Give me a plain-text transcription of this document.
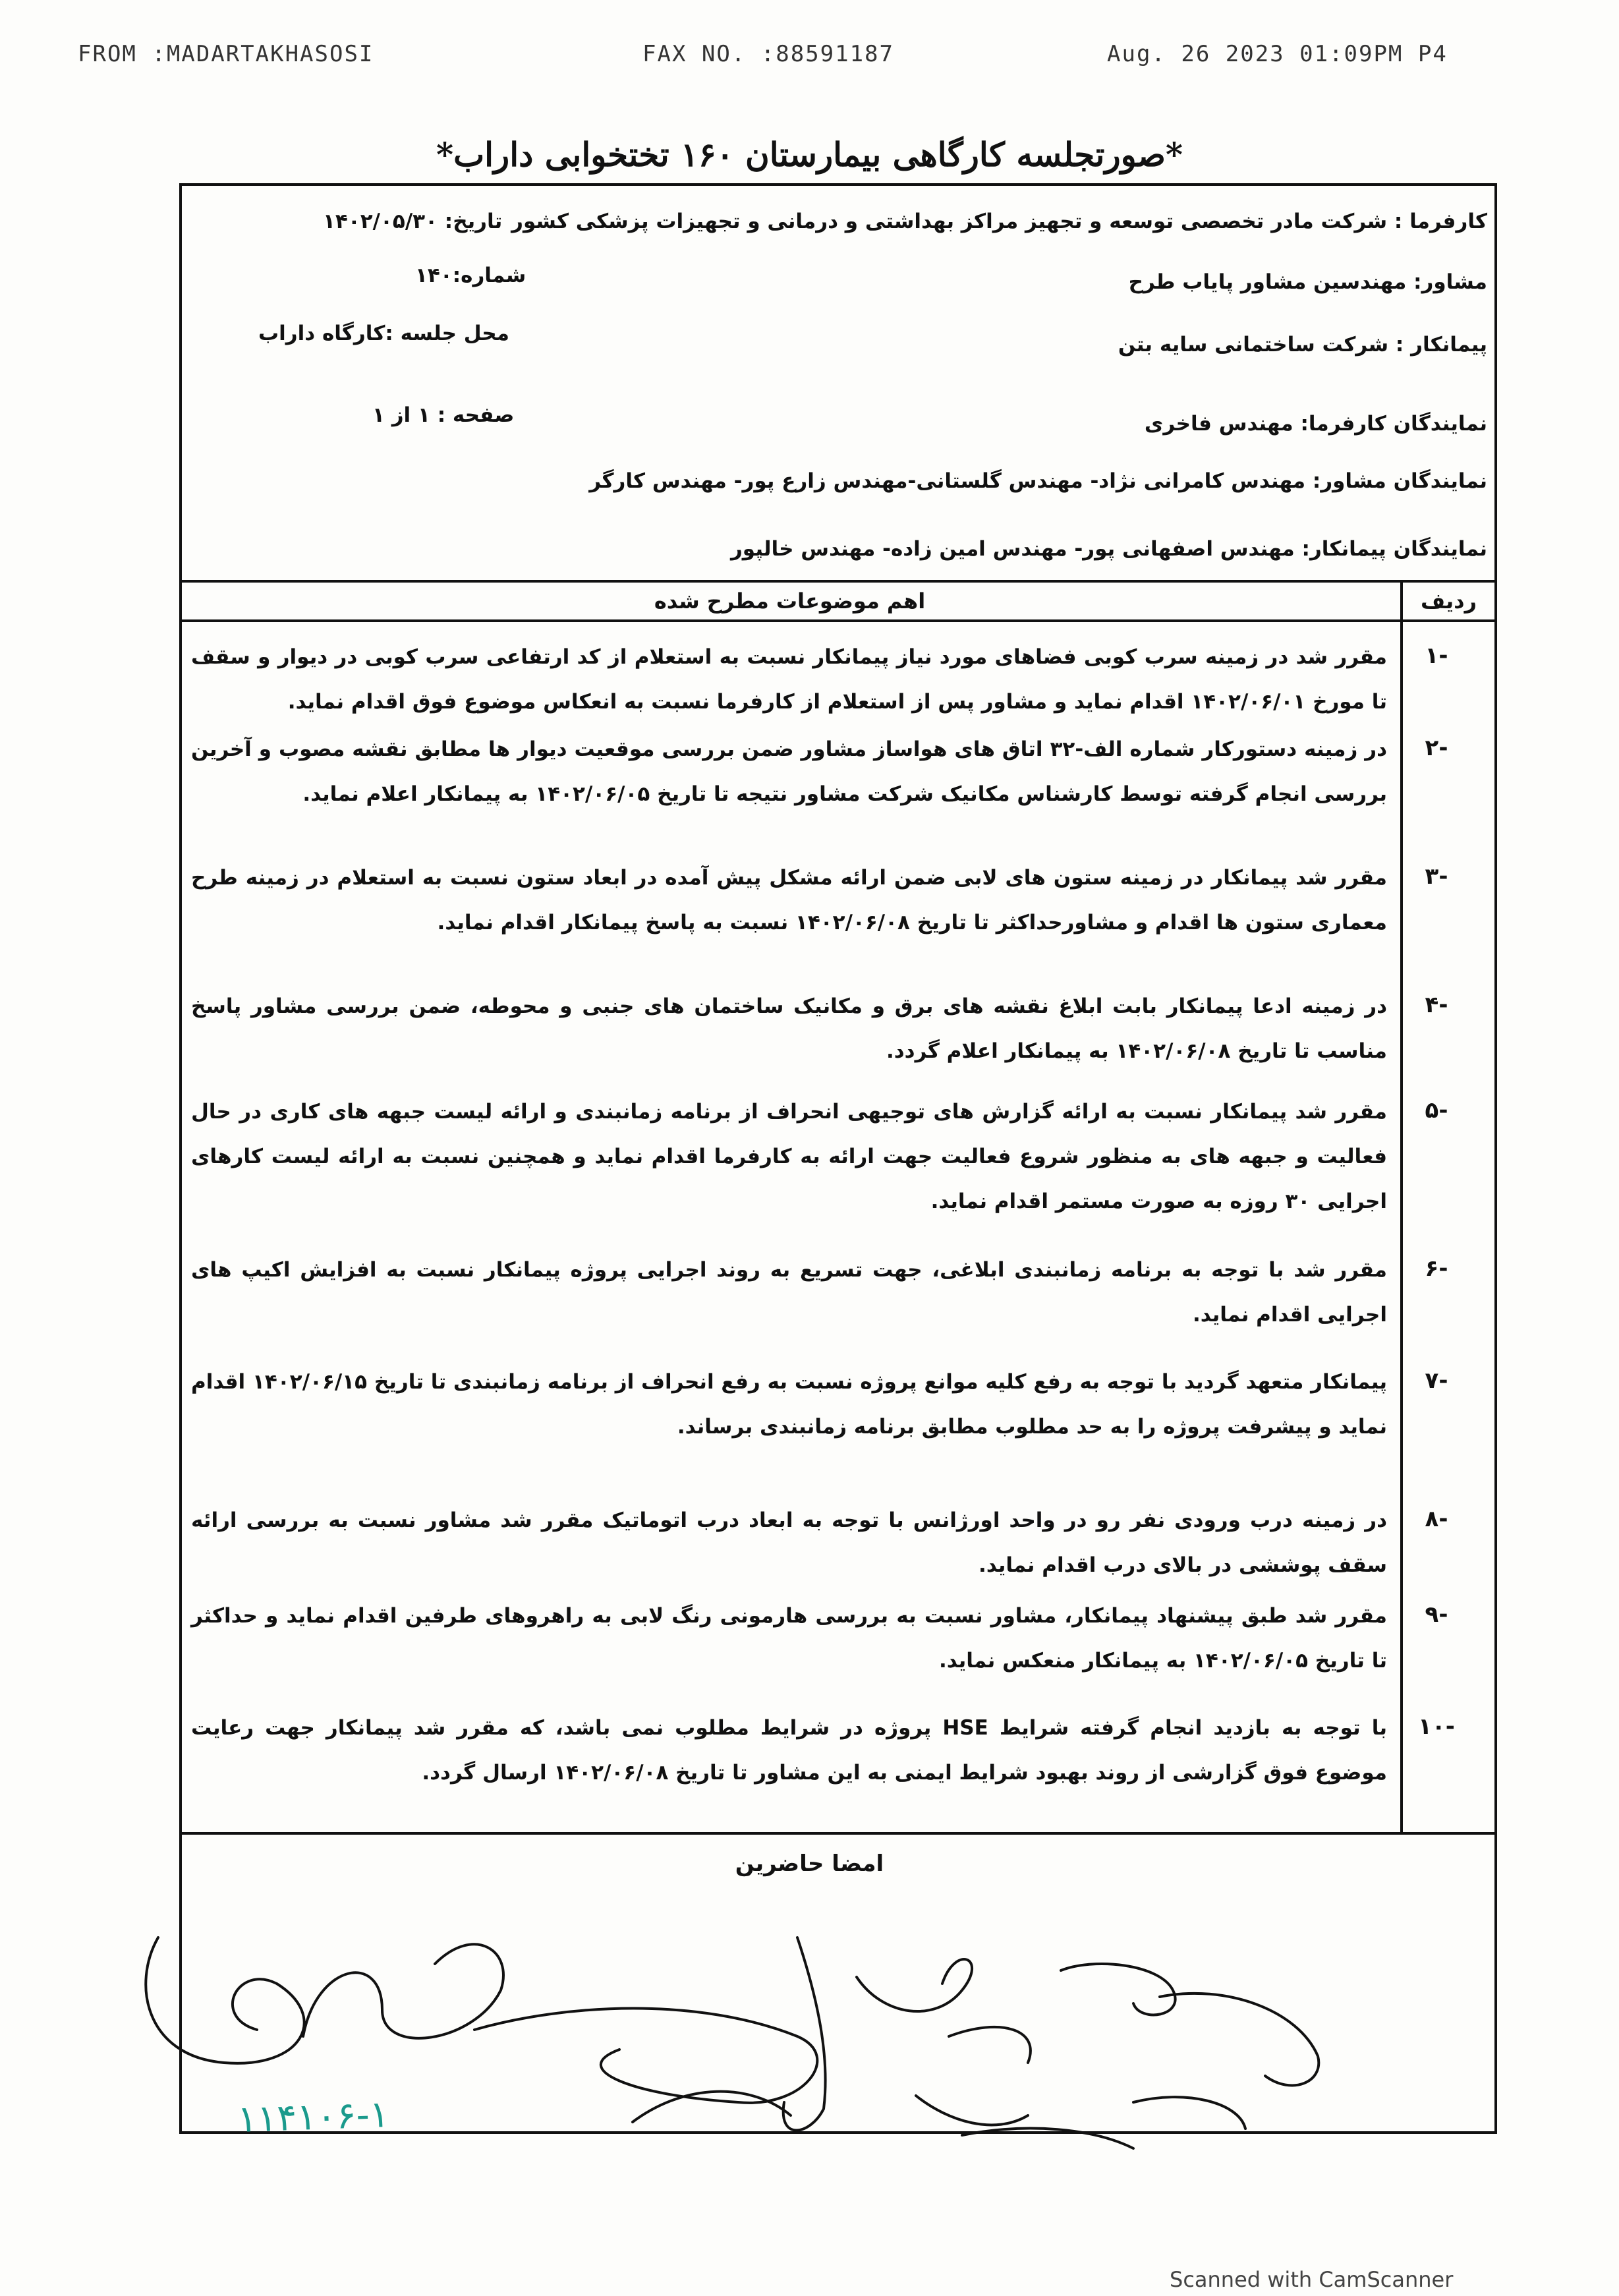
FROM :MADARTAKHASOSI	FAX NO. :88591187	Aug. 26 2023 01:09PM P4
*صورتجلسه کارگاهی بیمارستان ۱۶۰ تختخوابی داراب*
کارفرما : شرکت مادر تخصصی توسعه و تجهیز مراکز بهداشتی و درمانی و تجهیزات پزشکی کشور
تاریخ: ۱۴۰۲/۰۵/۳۰
مشاور: مهندسین مشاور پایاب طرح
شماره:۱۴۰
پیمانکار : شرکت ساختمانی سایه بتن
محل جلسه :کارگاه داراب
نمایندگان کارفرما: مهندس فاخری
صفحه : ۱ از ۱
نمایندگان مشاور: مهندس کامرانی نژاد- مهندس گلستانی-مهندس زارع پور- مهندس کارگر
نمایندگان پیمانکار: مهندس اصفهانی پور- مهندس امین زاده- مهندس خالپور
ردیف
اهم موضوعات مطرح شده
-۱
مقرر شد در زمینه سرب کوبی فضاهای مورد نیاز پیمانکار نسبت به استعلام از کد ارتفاعی سرب کوبی در دیوار و سقف تا مورخ ۱۴۰۲/۰۶/۰۱ اقدام نماید و مشاور پس از استعلام از کارفرما نسبت به انعکاس موضوع فوق اقدام نماید.
-۲
در زمینه دستورکار شماره الف-۳۲ اتاق های هواساز مشاور ضمن بررسی موقعیت دیوار ها مطابق نقشه مصوب و آخرین بررسی انجام گرفته توسط کارشناس مکانیک شرکت مشاور نتیجه تا تاریخ ۱۴۰۲/۰۶/۰۵ به پیمانکار اعلام نماید.
-۳
مقرر شد پیمانکار در زمینه ستون های لابی ضمن ارائه مشکل پیش آمده در ابعاد ستون نسبت به استعلام در زمینه طرح معماری ستون ها اقدام و مشاورحداکثر تا تاریخ ۱۴۰۲/۰۶/۰۸ نسبت به پاسخ پیمانکار اقدام نماید.
-۴
در زمینه ادعا پیمانکار بابت ابلاغ نقشه های برق و مکانیک ساختمان های جنبی و محوطه، ضمن بررسی مشاور پاسخ مناسب تا تاریخ ۱۴۰۲/۰۶/۰۸ به پیمانکار اعلام گردد.
-۵
مقرر شد پیمانکار نسبت به ارائه گزارش های توجیهی انحراف از برنامه زمانبندی و ارائه لیست جبهه های کاری در حال فعالیت و جبهه های به منظور شروع فعالیت جهت ارائه به کارفرما اقدام نماید و همچنین نسبت به ارائه لیست کارهای اجرایی ۳۰ روزه به صورت مستمر اقدام نماید.
-۶
مقرر شد با توجه به برنامه زمانبندی ابلاغی، جهت تسریع به روند اجرایی پروژه پیمانکار نسبت به افزایش اکیپ های اجرایی اقدام نماید.
-۷
پیمانکار متعهد گردید با توجه به رفع کلیه موانع پروژه نسبت به رفع انحراف از برنامه زمانبندی تا تاریخ ۱۴۰۲/۰۶/۱۵ اقدام نماید و پیشرفت پروژه را به حد مطلوب مطابق برنامه زمانبندی برساند.
-۸
در زمینه درب ورودی نفر رو در واحد اورژانس با توجه به ابعاد درب اتوماتیک مقرر شد مشاور نسبت به بررسی ارائه سقف پوششی در بالای درب اقدام نماید.
-۹
مقرر شد طبق پیشنهاد پیمانکار، مشاور نسبت به بررسی هارمونی رنگ لابی به راهروهای طرفین اقدام نماید و حداکثر تا تاریخ ۱۴۰۲/۰۶/۰۵ به پیمانکار منعکس نماید.
-۱۰
با توجه به بازدید انجام گرفته شرایط HSE پروژه در شرایط مطلوب نمی باشد، که مقرر شد پیمانکار جهت رعایت موضوع فوق گزارشی از روند بهبود شرایط ایمنی به این مشاور تا تاریخ ۱۴۰۲/۰۶/۰۸ ارسال گردد.
امضا حاضرین
۱۱۴۱۰۶-۱
Scanned with CamScanner
